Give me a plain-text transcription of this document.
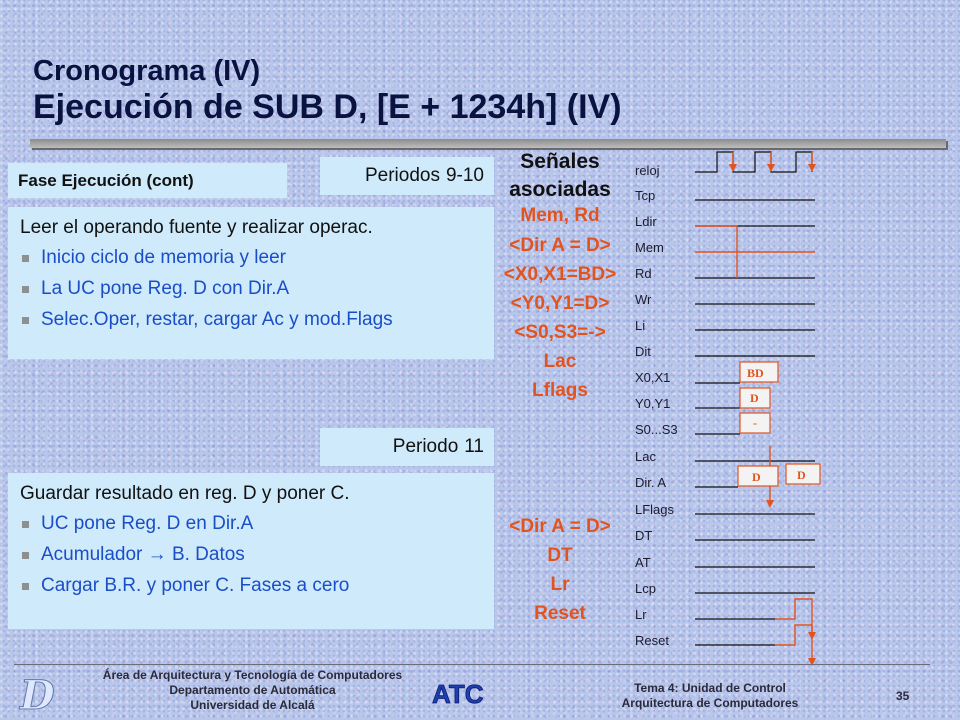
Cronograma (IV)
Ejecución de SUB D, [E + 1234h] (IV)
Fase Ejecución (cont)	Periodos 9-10
Leer el operando fuente y realizar operac.
Inicio ciclo de memoria y leer
La UC pone Reg. D con Dir.A
Selec.Oper, restar, cargar Ac y mod.Flags
Periodo 11
Guardar resultado en reg. D y poner C.
UC pone Reg. D en Dir.A
Acumulador → B. Datos
Cargar B.R. y poner C. Fases a cero
Señales
asociadas
Mem, Rd
<Dir A = D>
<X0,X1=BD>
<Y0,Y1=D>
<S0,S3=->
Lac
Lflags
<Dir A = D>
DT
Lr
Reset
reloj
Tcp
Ldir
Mem
Rd
Wr
Li
Dit
X0,X1
Y0,Y1
S0...S3
Lac
Dir. A
LFlags
DT
AT
Lcp
Lr
Reset
BD
D
-
D	D
D	Área de Arquitectura y Tecnología de Computadores
Departamento de Automática
Universidad de Alcalá	ATC	Tema 4: Unidad de Control
Arquitectura de Computadores	35
